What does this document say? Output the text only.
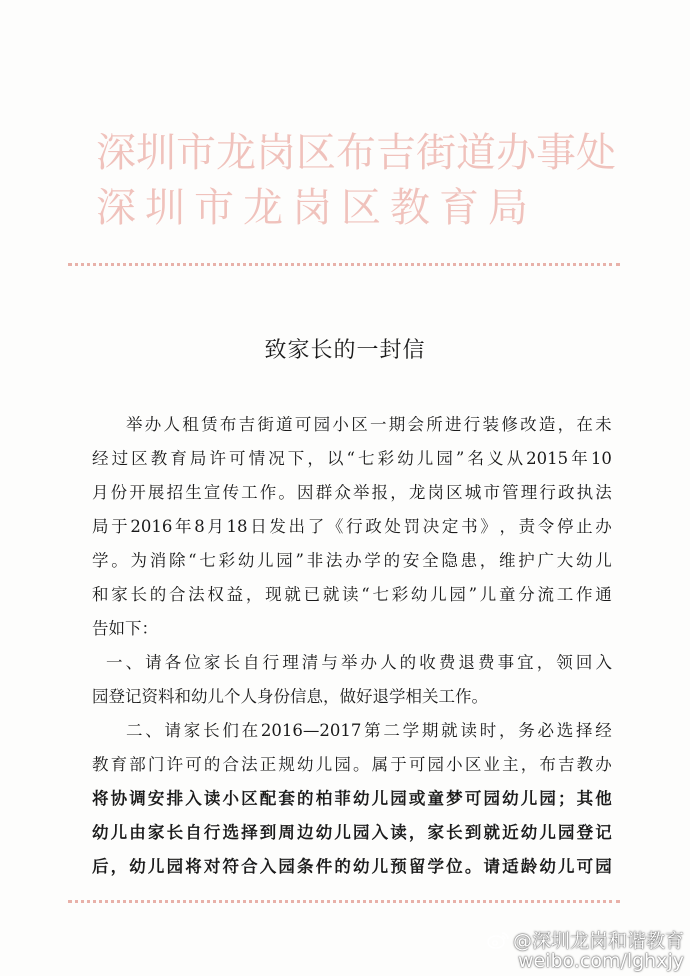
深圳市龙岗区布吉街道办事处
深圳市龙岗区教育局
致家长的一封信
举 办 人 租 赁 布 吉 街 道 可 园 小 区 一 期 会 所 进 行 装 修 改 造 ， 在 未
经 过 区 教 育 局 许 可 情 况 下 ， 以 “ 七 彩 幼 儿 园 ” 名 义 从 2015 年 10
月 份 开 展 招 生 宣 传 工 作 。 因 群 众 举 报 ， 龙 岗 区 城 市 管 理 行 政 执 法
局 于 2016 年 8 月 18 日 发 出 了 《 行 政 处 罚 决 定 书 》 ， 责 令 停 止 办
学 。 为 消 除 “ 七 彩 幼 儿 园 ” 非 法 办 学 的 安 全 隐 患 ， 维 护 广 大 幼 儿
和 家 长 的 合 法 权 益 ， 现 就 已 就 读 “ 七 彩 幼 儿 园 ” 儿 童 分 流 工 作 通
告如下：
一 、 请 各 位 家 长 自 行 理 清 与 举 办 人 的 收 费 退 费 事 宜 ， 领 回 入
园登记资料和幼儿个人身份信息，做好退学相关工作。
二 、 请 家 长 们 在 2016—2017 第 二 学 期 就 读 时 ， 务 必 选 择 经
教 育 部 门 许 可 的 合 法 正 规 幼 儿 园 。 属 于 可 园 小 区 业 主 ， 布 吉 教 办
将 协 调 安 排 入 读 小 区 配 套 的 柏 菲 幼 儿 园 或 童 梦 可 园 幼 儿 园 ； 其 他
幼 儿 由 家 长 自 行 选 择 到 周 边 幼 儿 园 入 读 ， 家 长 到 就 近 幼 儿 园 登 记
后 ， 幼 儿 园 将 对 符 合 入 园 条 件 的 幼 儿 预 留 学 位 。 请 适 龄 幼 儿 可 园
@深圳龙岗和谐教育
weibo.com/lghxjy
